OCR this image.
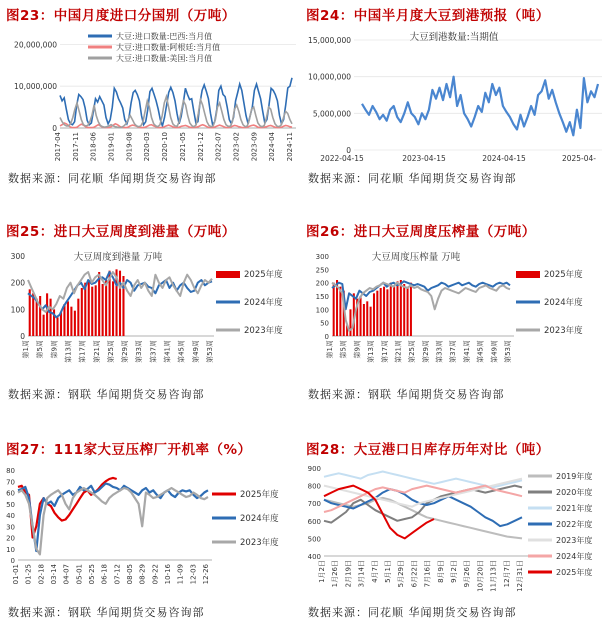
图23：中国月度进口分国别（万吨）
0
10,000,000
20,000,000
2017-04 2017-11 2018-06 2019-01 2019-08 2020-03 2020-10 2021-05 2021-12 2022-07 2023-02 2023-09 2024-04 2024-11
大豆:进口数量:巴西:当月值
大豆:进口数量:阿根廷:当月值
大豆:进口数量:美国:当月值
数据来源：同花顺 华闻期货交易咨询部
图24：中国半月度大豆到港预报（吨）
0
5,000,000
10,000,000
15,000,000	大豆到港数量:当期值
2022-04-15	2023-04-15	2024-04-15	2025-04-
数据来源：同花顺 华闻期货交易咨询部
图25：进口大豆周度到港量（万吨）
0
100
200
300	大豆周度到港量 万吨
第1周 第5周 第9周 第13周 第17周 第21周 第25周 第29周 第33周 第37周 第41周 第45周 第49周 第53周
2025年度
2024年度
2023年度
数据来源：钢联 华闻期货交易咨询部
图26：进口大豆周度压榨量（万吨）
0
50
100
150
200
250
300	大豆周度压榨量 万吨
第1周 第5周 第9周 第13周 第17周 第21周 第25周 第29周 第33周 第37周 第41周 第45周 第49周 第53周
2025年度
2024年度
2023年度
数据来源：钢联 华闻期货交易咨询部
图27：111家大豆压榨厂开机率（%）
0
10
20
30
40
50
60
70
80
01-01 01-25 02-18 03-14 04-07 05-01 05-25 06-18 07-12 08-05 08-29 09-22 10-16 11-09 12-03 12-26
2025年度
2024年度
2023年度
数据来源：钢联 华闻期货交易咨询部
图28：大豆港口日库存历年对比（吨）
400
500
600
700
800
900
1月2日 1月26日 2月19日 3月14日 4月7日 5月1日 5月29日 6月22日 7月16日 8月9日 9月2日 9月26日 10月20日 11月13日 12月7日 12月31日
2019年度
2020年度
2021年度
2022年度
2023年度
2024年度
2025年度
数据来源：同花顺 华闻期货交易咨询部
